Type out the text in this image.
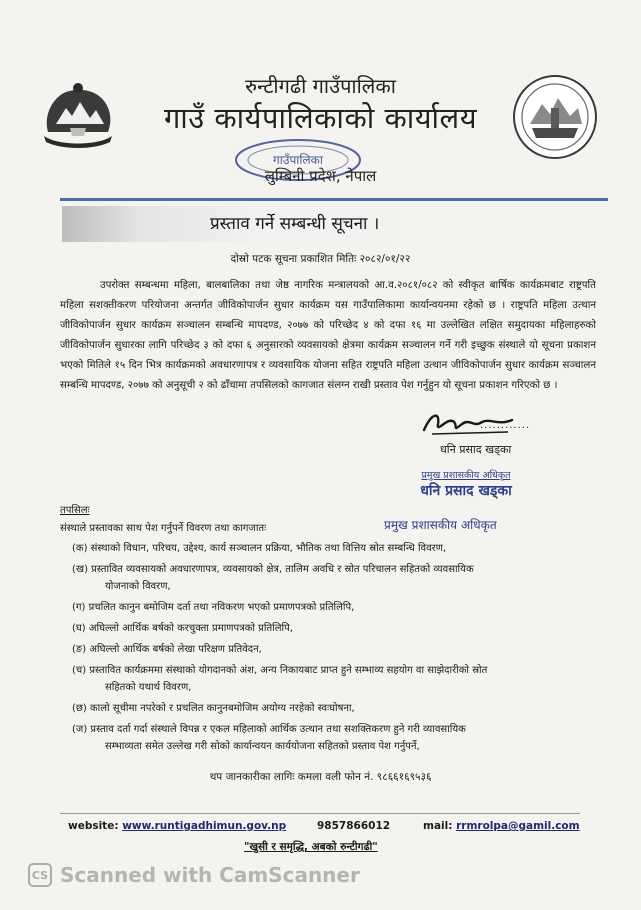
रुन्टीगढी गाउँपालिका
गाउँ कार्यपालिकाको कार्यालय
गाउँपालिका
लुम्बिनी प्रदेश, नेपाल
प्रस्ताव गर्ने सम्बन्धी सूचना ।
दोस्रो पटक सूचना प्रकाशित मितिः २०८२/०१/२२
उपरोक्त सम्बन्धमा महिला, बालबालिका तथा जेष्ठ नागरिक मन्त्रालयको आ.व.२०८१/०८२ को स्वीकृत बार्षिक कार्यक्रमबाट राष्ट्रपति महिला सशक्तीकरण परियोजना अन्तर्गत जीविकोपार्जन सुधार कार्यक्रम यस गाउँपालिकामा कार्यान्वयनमा रहेको छ । राष्ट्रपति महिला उत्थान जीविकोपार्जन सुधार कार्यक्रम सञ्चालन सम्बन्धि मापदण्ड, २०७७ को परिच्छेद ४ को दफा १६ मा उल्लेखित लक्षित समुदायका महिलाहरुको जीविकोपार्जन सुधारका लागि परिच्छेद ३ को दफा ६ अनुसारको व्यवसायको क्षेत्रमा कार्यक्रम सञ्चालन गर्ने गरी इच्छुक संस्थाले यो सूचना प्रकाशन भएको मितिले १५ दिन भित्र कार्यक्रमको अवधारणापत्र र व्यवसायिक योजना सहित राष्ट्रपति महिला उत्थान जीविकोपार्जन सुधार कार्यक्रम सञ्चालन सम्बन्धि मापदण्ड, २०७७ को अनुसूची २ को ढाँचामा तपसिलको कागजात संलग्न राखी प्रस्ताव पेश गर्नुहुन यो सूचना प्रकाशन गरिएको छ ।
............
धनि प्रसाद खड्का
प्रमुख प्रशासकीय अधिकृत
धनि प्रसाद खड्का
प्रमुख प्रशासकीय अधिकृत
तपसिलः
संस्थाले प्रस्तावका साथ पेश गर्नुपर्ने विवरण तथा कागजातः
(क) संस्थाको विधान, परिचय, उद्देश्य, कार्य सञ्चालन प्रक्रिया, भौतिक तथा वित्तिय स्रोत सम्बन्धि विवरण,
(ख) प्रस्तावित व्यवसायको अवधारणापत्र, व्यवसायको क्षेत्र, तालिम अवधि र स्रोत परिचालन सहितको व्यवसायिक
योजनाको विवरण,
(ग) प्रचलित कानुन बमोजिम दर्ता तथा नविकरण भएको प्रमाणपत्रको प्रतिलिपि,
(घ) अघिल्लो आर्थिक बर्षको करचुक्ता प्रमाणपत्रको प्रतिलिपि,
(ङ) अघिल्लो आर्थिक बर्षको लेखा परिक्षण प्रतिवेदन,
(च) प्रस्तावित कार्यक्रममा संस्थाको योगदानको अंश, अन्य निकायबाट प्राप्त हुने सम्भाव्य सहयोग वा साझेदारीको स्रोत
सहितको यथार्थ विवरण,
(छ) कालो सूचीमा नपरेको र प्रचलित कानुनबमोजिम अयोग्य नरहेको स्वःघोषना,
(ज) प्रस्ताव दर्ता गर्दा संस्थाले विपन्न र एकल महिलाको आर्थिक उत्थान तथा सशक्तिकरण हुने गरी व्यावसायिक
सम्भाव्यता समेत उल्लेख गरी सोको कार्यान्वयन कार्ययोजना सहितको प्रस्ताव पेश गर्नुपर्ने,
थप जानकारीका लागिः कमला वली फोन नं. ९८६६१६९५३६
website: www.runtigadhimun.gov.np	9857866012	mail: rrmrolpa@gamil.com
"खुसी र समृद्धि, अबको रुन्टीगढी"
CS Scanned with CamScanner
